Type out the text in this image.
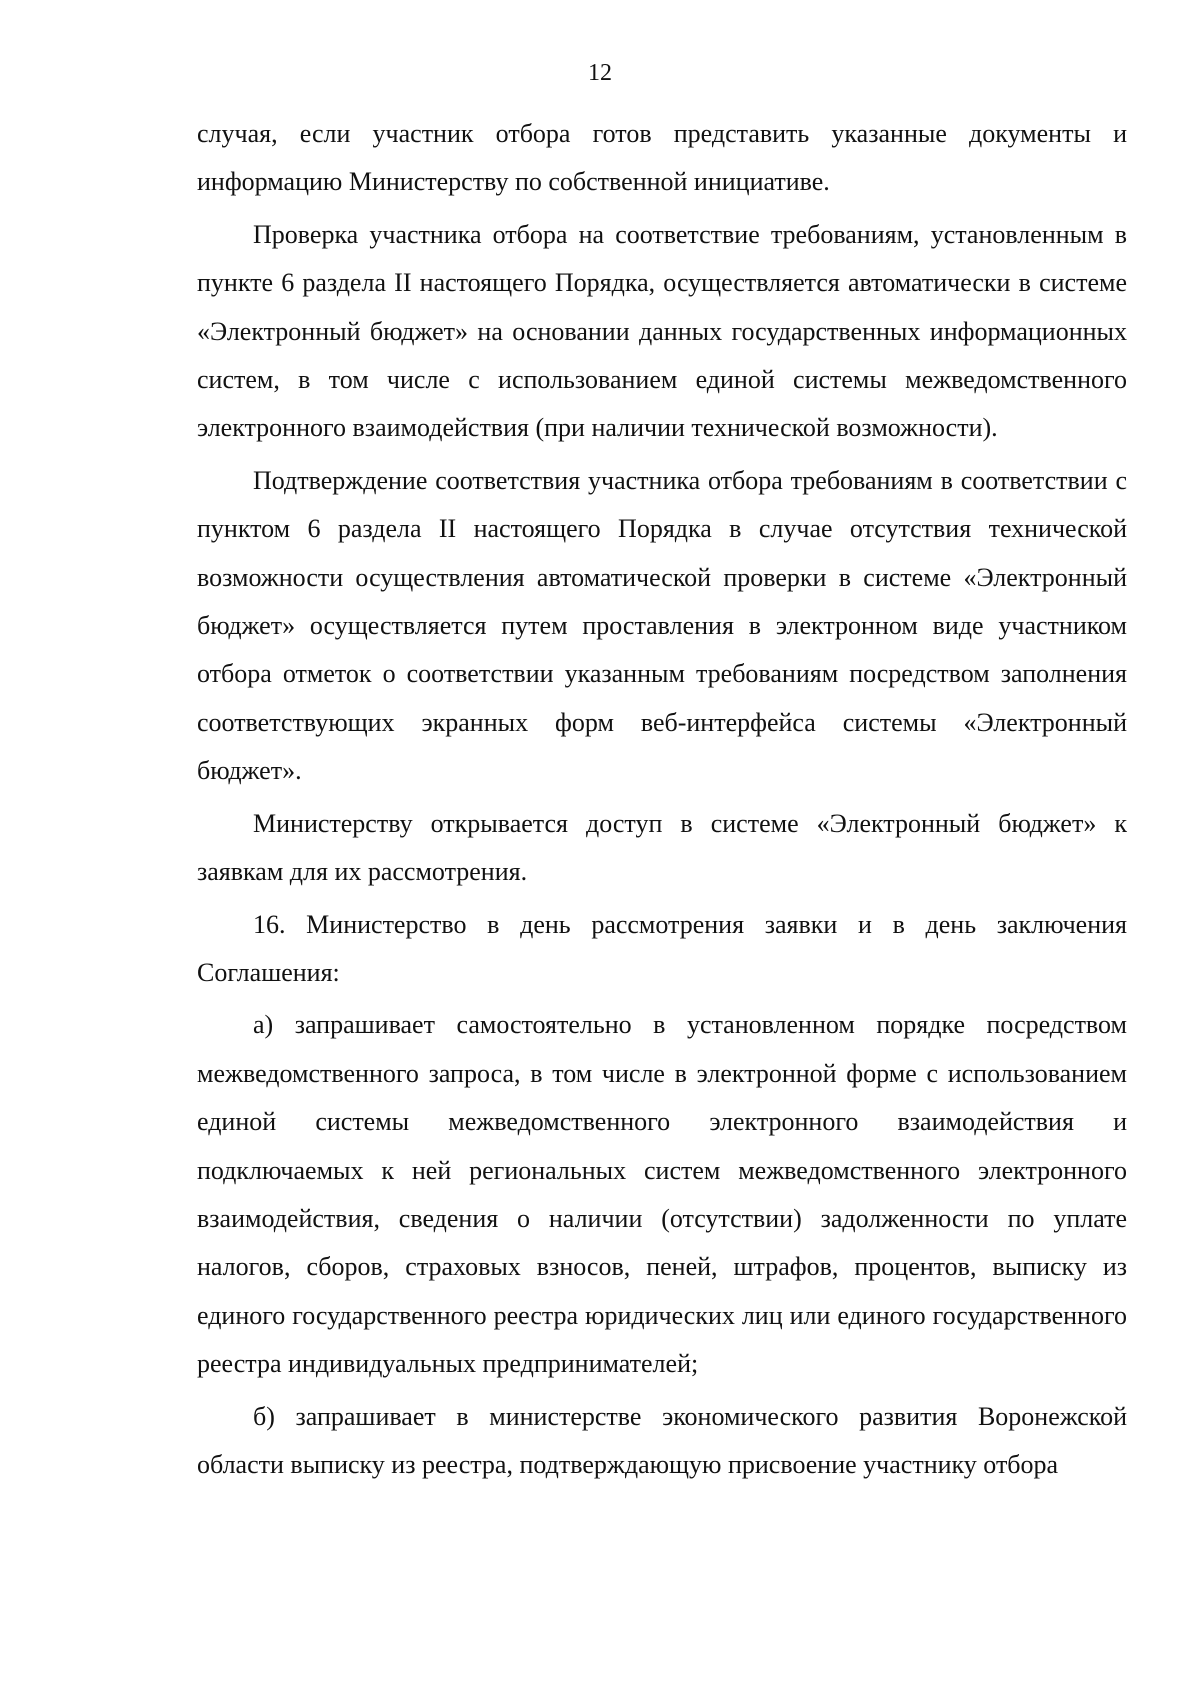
12

случая, если участник отбора готов представить указанные документы и информацию Министерству по собственной инициативе.

Проверка участника отбора на соответствие требованиям, установленным в пункте 6 раздела II настоящего Порядка, осуществляется автоматически в системе «Электронный бюджет» на основании данных государственных информационных систем, в том числе с использованием единой системы межведомственного электронного взаимодействия (при наличии технической возможности).

Подтверждение соответствия участника отбора требованиям в соответствии с пунктом 6 раздела II настоящего Порядка в случае отсутствия технической возможности осуществления автоматической проверки в системе «Электронный бюджет» осуществляется путем проставления в электронном виде участником отбора отметок о соответствии указанным требованиям посредством заполнения соответствующих экранных форм веб-интерфейса системы «Электронный бюджет».

Министерству открывается доступ в системе «Электронный бюджет» к заявкам для их рассмотрения.

16. Министерство в день рассмотрения заявки и в день заключения Соглашения:

а) запрашивает самостоятельно в установленном порядке посредством межведомственного запроса, в том числе в электронной форме с использованием единой системы межведомственного электронного взаимодействия и подключаемых к ней региональных систем межведомственного электронного взаимодействия, сведения о наличии (отсутствии) задолженности по уплате налогов, сборов, страховых взносов, пеней, штрафов, процентов, выписку из единого государственного реестра юридических лиц или единого государственного реестра индивидуальных предпринимателей;

б) запрашивает в министерстве экономического развития Воронежской области выписку из реестра, подтверждающую присвоение участнику отбора
